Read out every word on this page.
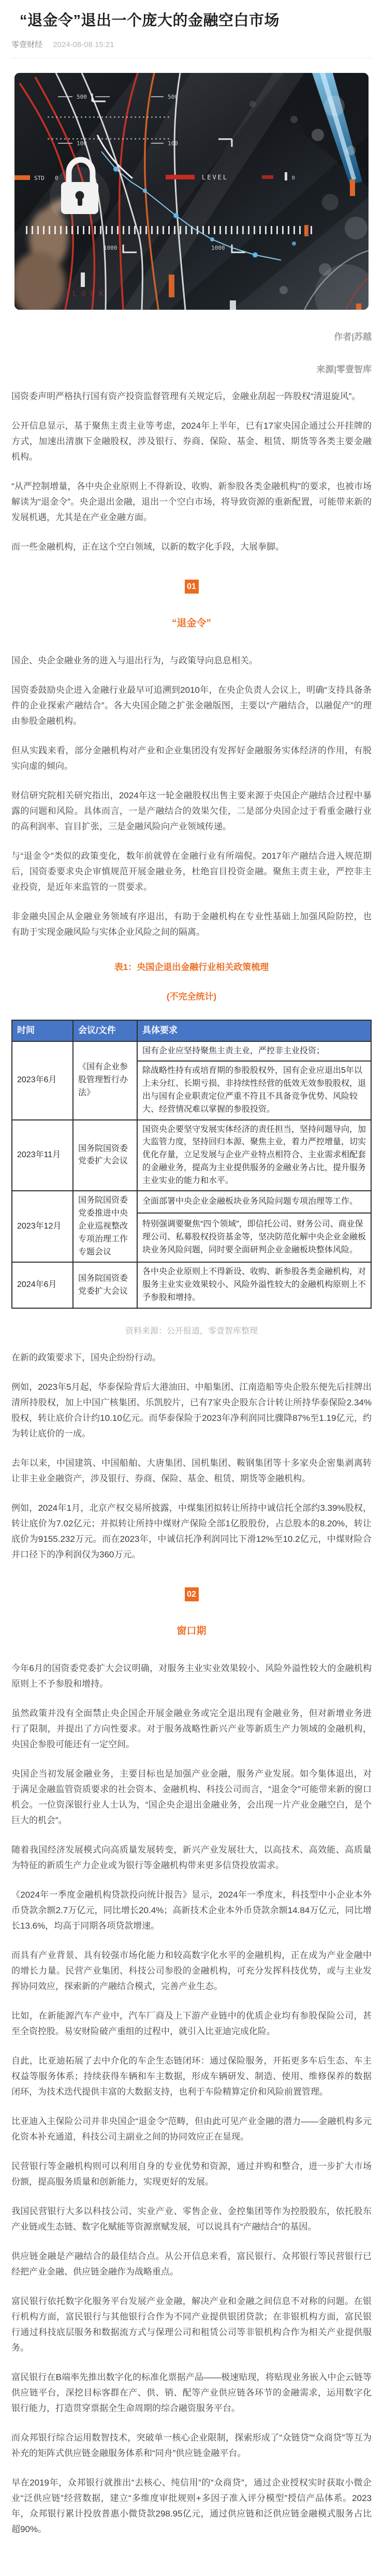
“退金令”退出一个庞大的金融空白市场
零壹财经 2024-08-08 15:21
500	500
100	100
0
1000	1000
STD	LEVEL	B
LOCK

作者|苏越

来源|零壹智库

国资委声明严格执行国有资产投资监督管理有关规定后，金融业刮起一阵股权“清退旋风”。

公开信息显示，基于聚焦主责主业等考虑，2024年上半年，已有17家央国企通过公开挂牌的方式，加速出清旗下金融股权，涉及银行、券商、保险、基金、租赁、期货等各类主要金融机构。

“从严控制增量，各中央企业原则上不得新设、收购、新参股各类金融机构”的要求，也被市场解读为“退金令”。央企退出金融，退出一个空白市场，将导致资源的重新配置，可能带来新的发展机遇，尤其是在产业金融方面。

而一些金融机构，正在这个空白领域，以新的数字化手段，大展拳脚。

01
“退金令”

国企、央企金融业务的进入与退出行为，与政策导向息息相关。

国资委鼓励央企进入金融行业最早可追溯到2010年，在央企负责人会议上，明确“支持具备条件的企业探索产融结合”。各大央国企随之扩张金融版图，主要以“产融结合，以融促产”的理由参股金融机构。

但从实践来看，部分金融机构对产业和企业集团没有发挥好金融服务实体经济的作用，有脱实向虚的倾向。

财信研究院相关研究指出，2024年这一轮金融股权出售主要来源于央国企产融结合过程中暴露的问题和风险。具体而言，一是产融结合的效果欠佳，二是部分央国企过于看重金融行业的高利润率、盲目扩张，三是金融风险向产业领域传递。

与“退金令”类似的政策变化，数年前就曾在金融行业有所端倪。2017年产融结合进入规范期后，国资委要求央企审慎规范开展金融业务，杜绝盲目投资金融。聚焦主责主业，严控非主业投资，是近年来监管的一贯要求。

非金融央国企从金融业务领域有序退出，有助于金融机构在专业性基础上加强风险防控，也有助于实现金融风险与实体企业风险之间的隔离。

表1：央国企退出金融行业相关政策梳理
(不完全统计)
时间	会议/文件	具体要求
2023年6月	《国有企业参股管理暂行办法》	国有企业应坚持聚焦主责主业，严控非主业投资；
		除战略性持有或培育期的参股股权外，国有企业应退出5年以上未分红、长期亏损、非持续性经营的低效无效参股股权，退出与国有企业职责定位严重不符且不具备竞争优势、风险较大、经营情况难以掌握的参股投资。
2023年11月	国务院国资委党委扩大会议	国资央企要坚守发展实体经济的责任担当，坚持问题导向，加大监管力度，坚持回归本源、聚焦主业，着力严控增量，切实优化存量，立足发展与企业产业特点相符合、主业需求相配套的金融业务，提高为主业提供服务的金融业务占比，提升服务主业实业的能力和水平。
2023年12月	国务院国资委党委推进中央企业巡视整改专项治理工作专题会议	全面部署中央企业金融板块业务风险问题专项治理等工作。
		特别强调要聚焦“四个领域”，即信托公司、财务公司、商业保理公司、私募股权投资基金等，坚决防范化解中央企业金融板块业务风险问题，同时要全面研判企业金融板块整体风险。
2024年6月	国务院国资委党委扩大会议	各中央企业原则上不得新设、收购、新参股各类金融机构，对服务主业实业效果较小、风险外溢性较大的金融机构原则上不予参股和增持。

资料来源：公开报道，零壹智库整理

在新的政策要求下，国央企纷纷行动。

例如，2023年5月起，华泰保险背后大港油田、中船集团、江南造船等央企股东便先后挂牌出清所持股权，加上中国广核集团、乐凯胶片，已有7家央企股东合计转让所持华泰保险2.34%股权，转让底价合计约10.10亿元。而华泰保险于2023年净利润同比骤降87%至1.19亿元，约为转让底价的一成。

去年以来，中国建筑、中国船舶、大唐集团、国机集团、鞍钢集团等十多家央企密集剥离转让非主业金融资产，涉及银行、券商、保险、基金、租赁、期货等金融机构。

例如，2024年1月，北京产权交易所披露，中煤集团拟转让所持中诚信托全部约3.39%股权，转让底价为7.02亿元；并拟转让所持中煤财产保险全部1亿股股份，占总股本的8.20%，转让底价为9155.232万元。而在2023年，中诚信托净利润同比下滑12%至10.2亿元，中煤财险合并口径下的净利润仅为360万元。

02
窗口期

今年6月的国资委党委扩大会议明确，对服务主业实业效果较小、风险外溢性较大的金融机构原则上不予参股和增持。

虽然政策并没有全面禁止央企国企开展金融业务或完全退出现有金融业务，但对新增业务进行了限制，并提出了方向性要求。对于服务战略性新兴产业等新质生产力领域的金融机构，央国企参股可能还有一定空间。

央国企当初发展金融业务，主要目标也是加强产业金融，服务产业发展。如今集体退出，对于满足金融监管资质要求的社会资本、金融机构、科技公司而言，“退金令”可能带来新的窗口机会。一位资深银行业人士认为，“国企央企退出金融业务，会出现一片产业金融空白，是个巨大的机会”。

随着我国经济发展模式向高质量发展转变，新兴产业发展壮大，以高技术、高效能、高质量为特征的新质生产力企业或为银行等金融机构带来更多信贷投放需求。

《2024年一季度金融机构贷款投向统计报告》显示，2024年一季度末，科技型中小企业本外币贷款余额2.7万亿元，同比增长20.4%；高新技术企业本外币贷款余额14.84万亿元，同比增长13.6%，均高于同期各项贷款增速。

而具有产业背景、具有较强市场化能力和较高数字化水平的金融机构，正在成为产业金融中的增长力量。民营产业集团、科技公司参股的金融机构，可充分发挥科技优势，或与主业发挥协同效应，探索新的产融结合模式，完善产业生态。

比如，在新能源汽车产业中，汽车厂商及上下游产业链中的优质企业均有参股保险公司，甚至全资控股。易安财险破产重组的过程中，就引入比亚迪完成化险。

自此，比亚迪拓展了去中介化的车企生态链闭环：通过保险服务，开拓更多车后生态、车主权益等服务体系；持续获得车辆和车主数据，形成车辆研发、制造、使用、维修保养的数据闭环，为技术迭代提供丰富的大数据支持，也利于车险精算定价和风险前置管理。

比亚迪入主保险公司并非央国企“退金令”范畴，但由此可见产业金融的潜力——金融机构多元化资本补充通道，科技公司主副业之间的协同效应正在显现。

民营银行等金融机构则可以利用自身的专业优势和资源，通过并购和整合，进一步扩大市场份额，提高服务质量和创新能力，实现更好的发展。

我国民营银行大多以科技公司、实业产业、零售企业、金控集团等作为控股股东，依托股东产业链或生态链、数字化赋能等资源禀赋发展，可以说具有“产融结合”的基因。

供应链金融是产融结合的最佳结合点。从公开信息来看，富民银行、众邦银行等民营银行已经把产业金融、供应链金融作为战略重点。

富民银行依托数字化服务平台发展产业金融，解决产业和金融之间信息不对称的问题。在银行机构方面，富民银行与其他银行合作为不同产业提供银团贷款；在非银机构方面，富民银行通过科技底层服务和数据流方式与保理公司和租赁公司等非银机构合作为相关产业提供服务。

富民银行在B端率先推出数字化的标准化票据产品——极速贴现，将贴现业务嵌入中企云链等供应链平台，深挖目标客群在产、供、销、配等产业供应链各环节的金融需求，运用数字化银行能力，打造贯穿票据全生命周期的综合融资服务平台。

而众邦银行综合运用数智技术，突破单一核心企业限制，探索形成了“众链贷”“众商贷”等互为补充的矩阵式供应链金融服务体系和“同舟”供应链金融平台。

早在2019年，众邦银行就推出“去核心、纯信用”的“众商贷”，通过企业授权实时获取小微企业“泛供应链”经营数据，建立“多维度审批规则+多因子准入评分模型”授信产品体系。2023年，众邦银行累计投放普惠小微贷款298.95亿元，通过供应链和泛供应链金融模式服务占比超90%。
